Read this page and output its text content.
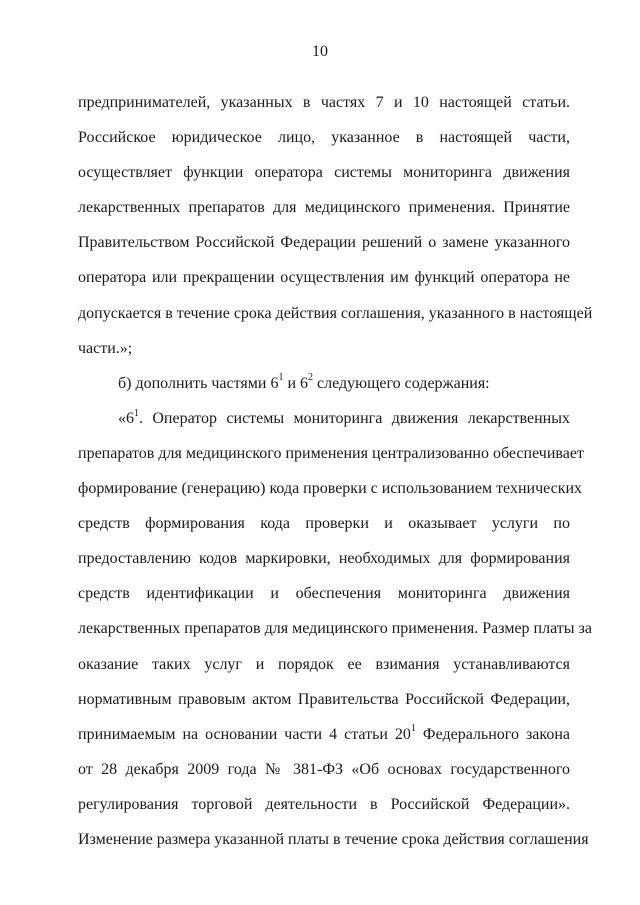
10
предпринимателей, указанных в частях 7 и 10 настоящей статьи.
Российское юридическое лицо, указанное в настоящей части,
осуществляет функции оператора системы мониторинга движения
лекарственных препаратов для медицинского применения. Принятие
Правительством Российской Федерации решений о замене указанного
оператора или прекращении осуществления им функций оператора не
допускается в течение срока действия соглашения, указанного в настоящей
части.»;
б) дополнить частями $6^1$ и $6^2$ следующего содержания:
«$6^1$. Оператор системы мониторинга движения лекарственных
препаратов для медицинского применения централизованно обеспечивает
формирование (генерацию) кода проверки с использованием технических
средств формирования кода проверки и оказывает услуги по
предоставлению кодов маркировки, необходимых для формирования
средств идентификации и обеспечения мониторинга движения
лекарственных препаратов для медицинского применения. Размер платы за
оказание таких услуг и порядок ее взимания устанавливаются
нормативным правовым актом Правительства Российской Федерации,
принимаемым на основании части 4 статьи $20^1$ Федерального закона
от 28 декабря 2009 года № 381-ФЗ «Об основах государственного
регулирования торговой деятельности в Российской Федерации».
Изменение размера указанной платы в течение срока действия соглашения
